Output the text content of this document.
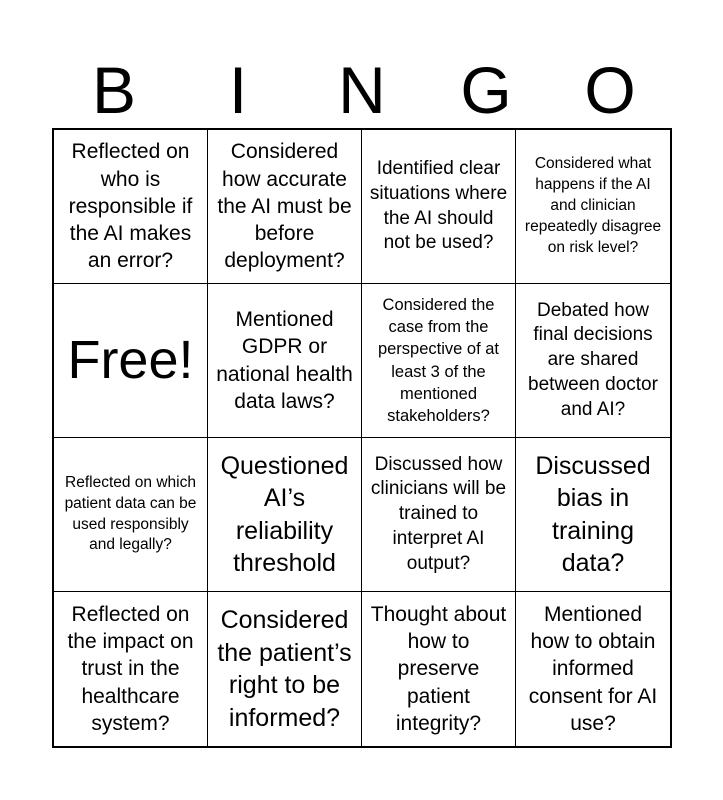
B	I	N	G	O
Reflected on who is responsible if the AI makes an error?
Considered how accurate the AI must be before deployment?
Identified clear situations where the AI should not be used?
Considered what happens if the AI and clinician repeatedly disagree on risk level?
Free!
Mentioned GDPR or national health data laws?
Considered the case from the perspective of at least 3 of the mentioned stakeholders?
Debated how final decisions are shared between doctor and AI?
Reflected on which patient data can be used responsibly and legally?
Questioned AI’s reliability threshold
Discussed how clinicians will be trained to interpret AI output?
Discussed bias in training data?
Reflected on the impact on trust in the healthcare system?
Considered the patient’s right to be informed?
Thought about how to preserve patient integrity?
Mentioned how to obtain informed consent for AI use?
